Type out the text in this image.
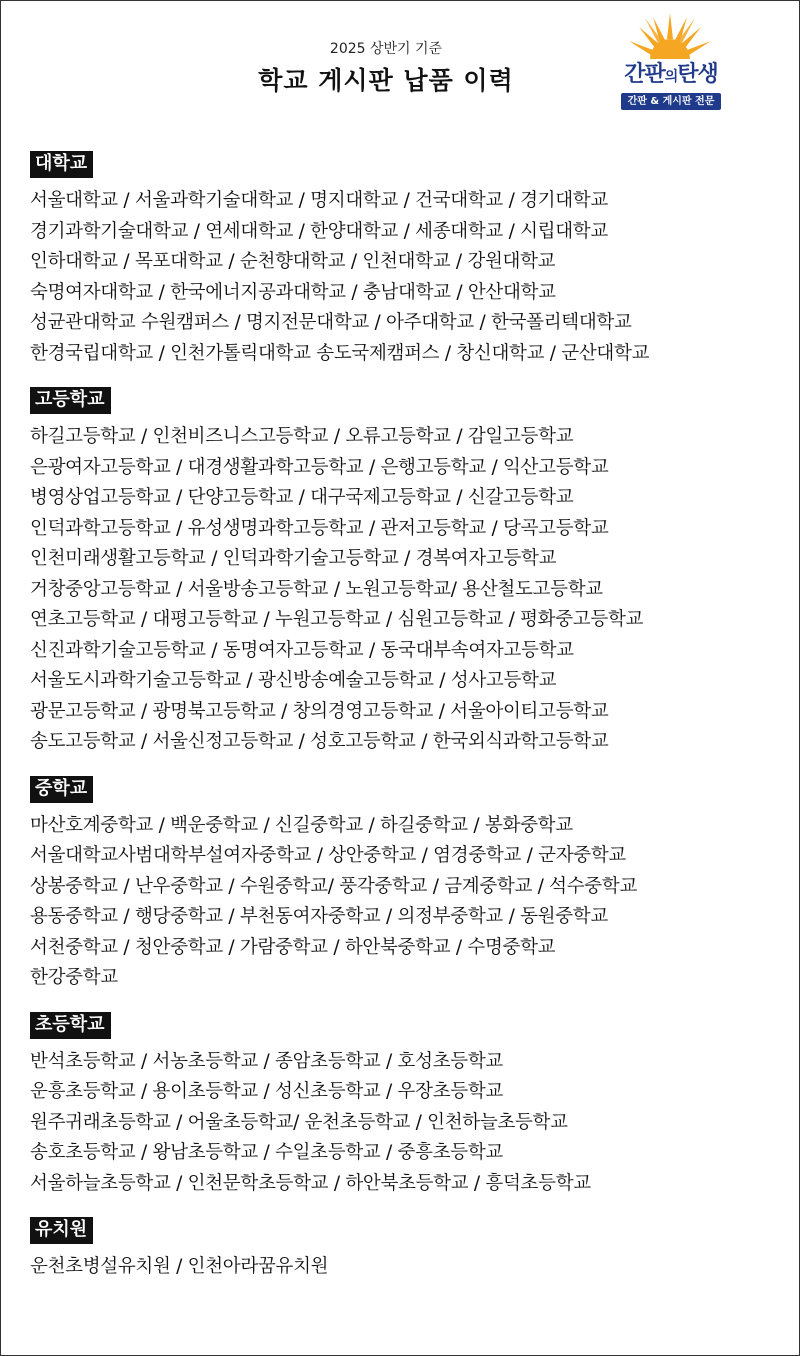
2025 상반기 기준
학교 게시판 납품 이력	간판의탄생
간판 & 게시판 전문
대학교
서울대학교 / 서울과학기술대학교 / 명지대학교 / 건국대학교 / 경기대학교
경기과학기술대학교 / 연세대학교 / 한양대학교 / 세종대학교 / 시립대학교
인하대학교 / 목포대학교 / 순천향대학교 / 인천대학교 / 강원대학교
숙명여자대학교 / 한국에너지공과대학교 / 충남대학교 / 안산대학교
성균관대학교 수원캠퍼스 / 명지전문대학교 / 아주대학교 / 한국폴리텍대학교
한경국립대학교 / 인천가톨릭대학교 송도국제캠퍼스 / 창신대학교 / 군산대학교
고등학교
하길고등학교 / 인천비즈니스고등학교 / 오류고등학교 / 감일고등학교
은광여자고등학교 / 대경생활과학고등학교 / 은행고등학교 / 익산고등학교
병영상업고등학교 / 단양고등학교 / 대구국제고등학교 / 신갈고등학교
인덕과학고등학교 / 유성생명과학고등학교 / 관저고등학교 / 당곡고등학교
인천미래생활고등학교 / 인덕과학기술고등학교 / 경복여자고등학교
거창중앙고등학교 / 서울방송고등학교 / 노원고등학교/ 용산철도고등학교
연초고등학교 / 대평고등학교 / 누원고등학교 / 심원고등학교 / 평화중고등학교
신진과학기술고등학교 / 동명여자고등학교 / 동국대부속여자고등학교
서울도시과학기술고등학교 / 광신방송예술고등학교 / 성사고등학교
광문고등학교 / 광명북고등학교 / 창의경영고등학교 / 서울아이티고등학교
송도고등학교 / 서울신정고등학교 / 성호고등학교 / 한국외식과학고등학교
중학교
마산호계중학교 / 백운중학교 / 신길중학교 / 하길중학교 / 봉화중학교
서울대학교사범대학부설여자중학교 / 상안중학교 / 염경중학교 / 군자중학교
상봉중학교 / 난우중학교 / 수원중학교/ 풍각중학교 / 금계중학교 / 석수중학교
용동중학교 / 행당중학교 / 부천동여자중학교 / 의정부중학교 / 동원중학교
서천중학교 / 청안중학교 / 가람중학교 / 하안북중학교 / 수명중학교
한강중학교
초등학교
반석초등학교 / 서농초등학교 / 종암초등학교 / 호성초등학교
운흥초등학교 / 용이초등학교 / 성신초등학교 / 우장초등학교
원주귀래초등학교 / 어울초등학교/ 운천초등학교 / 인천하늘초등학교
송호초등학교 / 왕남초등학교 / 수일초등학교 / 중흥초등학교
서울하늘초등학교 / 인천문학초등학교 / 하안북초등학교 / 흥덕초등학교
유치원
운천초병설유치원 / 인천아라꿈유치원
